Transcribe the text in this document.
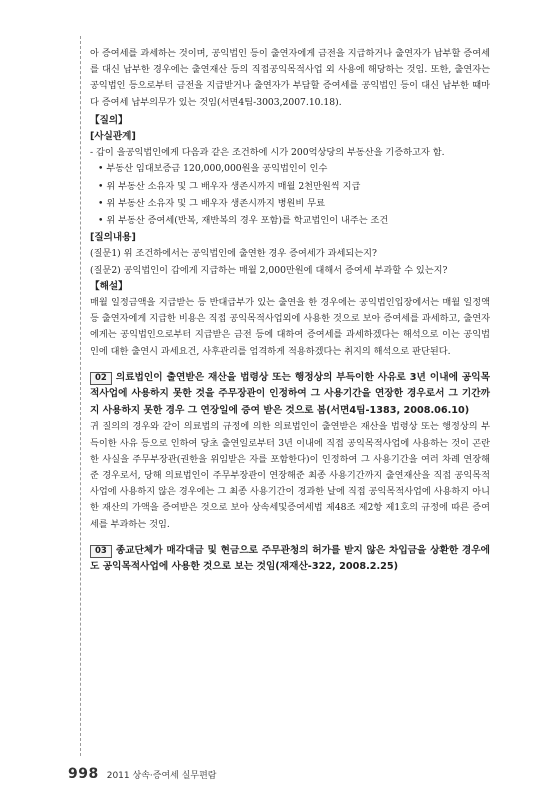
아 증여세를 과세하는 것이며, 공익법인 등이 출연자에게 금전을 지급하거나 출연자가 납부할 증여세를 대신 납부한 경우에는 출연재산 등의 직접공익목적사업 외 사용에 해당하는 것임. 또한, 출연자는 공익법인 등으로부터 금전을 지급받거나 출연자가 부담할 증여세를 공익법인 등이 대신 납부한 때마다 증여세 납부의무가 있는 것임(서면4팀-3003,2007.10.18).

【질의】

[사실관계]

- 갑이 을공익법인에게 다음과 같은 조건하에 시가 200억상당의 부동산을 기증하고자 함.

• 부동산 임대보증금 120,000,000원을 공익법인이 인수
• 위 부동산 소유자 및 그 배우자 생존시까지 매월 2천만원씩 지급
• 위 부동산 소유자 및 그 배우자 생존시까지 병원비 무료
• 위 부동산 증여세(반복, 재반복의 경우 포함)를 학교법인이 내주는 조건

[질의내용]

(질문1) 위 조건하에서는 공익법인에 출연한 경우 증여세가 과세되는지?

(질문2) 공익법인이 갑에게 지급하는 매월 2,000만원에 대해서 증여세 부과할 수 있는지?

【해설】

매월 일정금액을 지급받는 등 반대급부가 있는 출연을 한 경우에는 공익법인입장에서는 매월 일정액 등 출연자에게 지급한 비용은 직접 공익목적사업외에 사용한 것으로 보아 증여세를 과세하고, 출연자에게는 공익법인으로부터 지급받은 금전 등에 대하여 증여세를 과세하겠다는 해석으로 이는 공익법인에 대한 출연시 과세요건, 사후관리를 엄격하게 적용하겠다는 취지의 해석으로 판단된다.

02 의료법인이 출연받은 재산을 법령상 또는 행정상의 부득이한 사유로 3년 이내에 공익목적사업에 사용하지 못한 것을 주무장관이 인정하여 그 사용기간을 연장한 경우로서 그 기간까지 사용하지 못한 경우 그 연장일에 증여 받은 것으로 봄(서면4팀-1383, 2008.06.10)

귀 질의의 경우와 같이 의료법의 규정에 의한 의료법인이 출연받은 재산을 법령상 또는 행정상의 부득이한 사유 등으로 인하여 당초 출연일로부터 3년 이내에 직접 공익목적사업에 사용하는 것이 곤란한 사실을 주무부장관(권한을 위임받은 자를 포함한다)이 인정하여 그 사용기간을 여러 차례 연장해준 경우로서, 당해 의료법인이 주무부장관이 연장해준 최종 사용기간까지 출연재산을 직접 공익목적사업에 사용하지 않은 경우에는 그 최종 사용기간이 경과한 날에 직접 공익목적사업에 사용하지 아니한 재산의 가액을 증여받은 것으로 보아 상속세및증여세법 제48조 제2항 제1호의 규정에 따른 증여세를 부과하는 것임.

03 종교단체가 매각대금 및 현금으로 주무관청의 허가를 받지 않은 차입금을 상환한 경우에도 공익목적사업에 사용한 것으로 보는 것임(재재산-322, 2008.2.25)

998 2011 상속·증여세 실무편람
